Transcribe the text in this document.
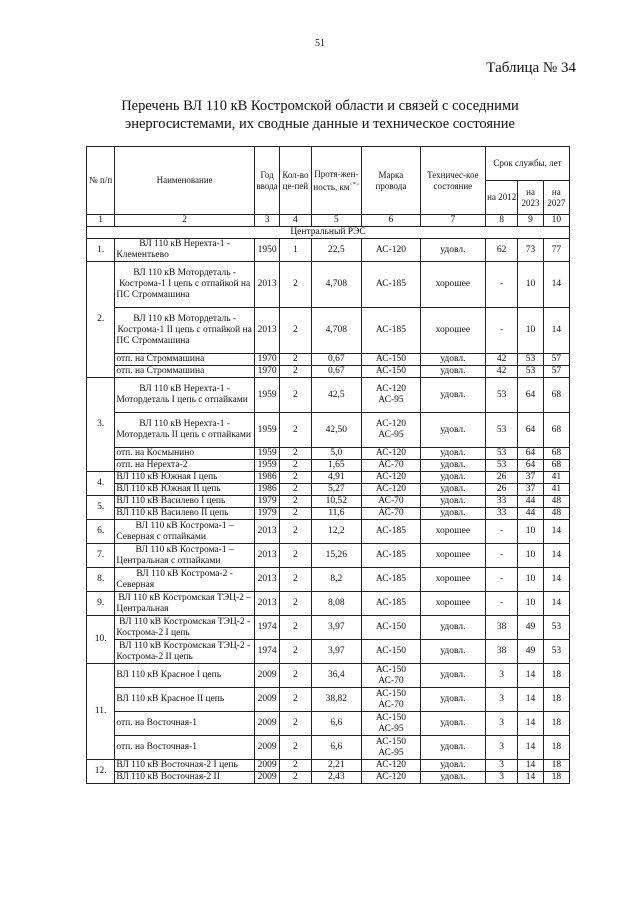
51
Таблица № 34
Перечень ВЛ 110 кВ Костромской области и связей с соседними энергосистемами, их сводные данные и техническое состояние
№ п/п	Наименование	Год ввода	Кол-во це-пей	Протя-жен-ность, км<*>	Марка провода	Техничес-кое состояние	Срок службы, лет		
							на 2012	на 2023	на 2027
1	2	3	4	5	6	7	8	9	10
Центральный РЭС									
1.	ВЛ 110 кВ Нерехта-1 - Клементьево	1950	1	22,5	АС-120	удовл.	62	73	77
2.	ВЛ 110 кВ Мотордеталь - Кострома-1 I цепь с отпайкой на ПС Строммашина	2013	2	4,708	АС-185	хорошее	-	10	14
	ВЛ 110 кВ Мотордеталь - Кострома-1 II цепь с отпайкой на ПС Строммашина	2013	2	4,708	АС-185	хорошее	-	10	14
	отп. на Строммашина	1970	2	0,67	АС-150	удовл.	42	53	57
	отп. на Строммашина	1970	2	0,67	АС-150	удовл.	42	53	57
3.	ВЛ 110 кВ Нерехта-1 - Мотордеталь I цепь с отпайками	1959	2	42,5	АС-120 АС-95	удовл.	53	64	68
	ВЛ 110 кВ Нерехта-1 - Мотордеталь II цепь с отпайками	1959	2	42,50	АС-120 АС-95	удовл.	53	64	68
	отп. на Космынино	1959	2	5,0	АС-120	удовл.	53	64	68
	отп. на Нерехта-2	1959	2	1,65	АС-70	удовл.	53	64	68
4.	ВЛ 110 кВ Южная I цепь	1986	2	4,91	АС-120	удовл.	26	37	41
	ВЛ 110 кВ Южная II цепь	1986	2	5,27	АС-120	удовл.	26	37	41
5.	ВЛ 110 кВ Василево I цепь	1979	2	10,52	АС-70	удовл.	33	44	48
	ВЛ 110 кВ Василево II цепь	1979	2	11,6	АС-70	удовл.	33	44	48
6.	ВЛ 110 кВ Кострома-1 – Северная с отпайками	2013	2	12,2	АС-185	хорошее	-	10	14
7.	ВЛ 110 кВ Кострома-1 – Центральная с отпайками	2013	2	15,26	АС-185	хорошее	-	10	14
8.	ВЛ 110 кВ Кострома-2 - Северная	2013	2	8,2	АС-185	хорошее	-	10	14
9.	ВЛ 110 кВ Костромская ТЭЦ-2 – Центральная	2013	2	8,08	АС-185	хорошее	-	10	14
10.	ВЛ 110 кВ Костромская ТЭЦ-2 - Кострома-2 I цепь	1974	2	3,97	АС-150	удовл.	38	49	53
	ВЛ 110 кВ Костромская ТЭЦ-2 - Кострома-2 II цепь	1974	2	3,97	АС-150	удовл.	38	49	53
11.	ВЛ 110 кВ Красное I цепь	2009	2	36,4	АС-150 АС-70	удовл.	3	14	18
	ВЛ 110 кВ Красное II цепь	2009	2	38,82	АС-150 АС-70	удовл.	3	14	18
	отп. на Восточная-1	2009	2	6,6	АС-150 АС-95	удовл.	3	14	18
	отп. на Восточная-1	2009	2	6,6	АС-150 АС-95	удовл.	3	14	18
12.	ВЛ 110 кВ Восточная-2 I цепь	2009	2	2,21	АС-120	удовл.	3	14	18
	ВЛ 110 кВ Восточная-2 II	2009	2	2,43	АС-120	удовл.	3	14	18
